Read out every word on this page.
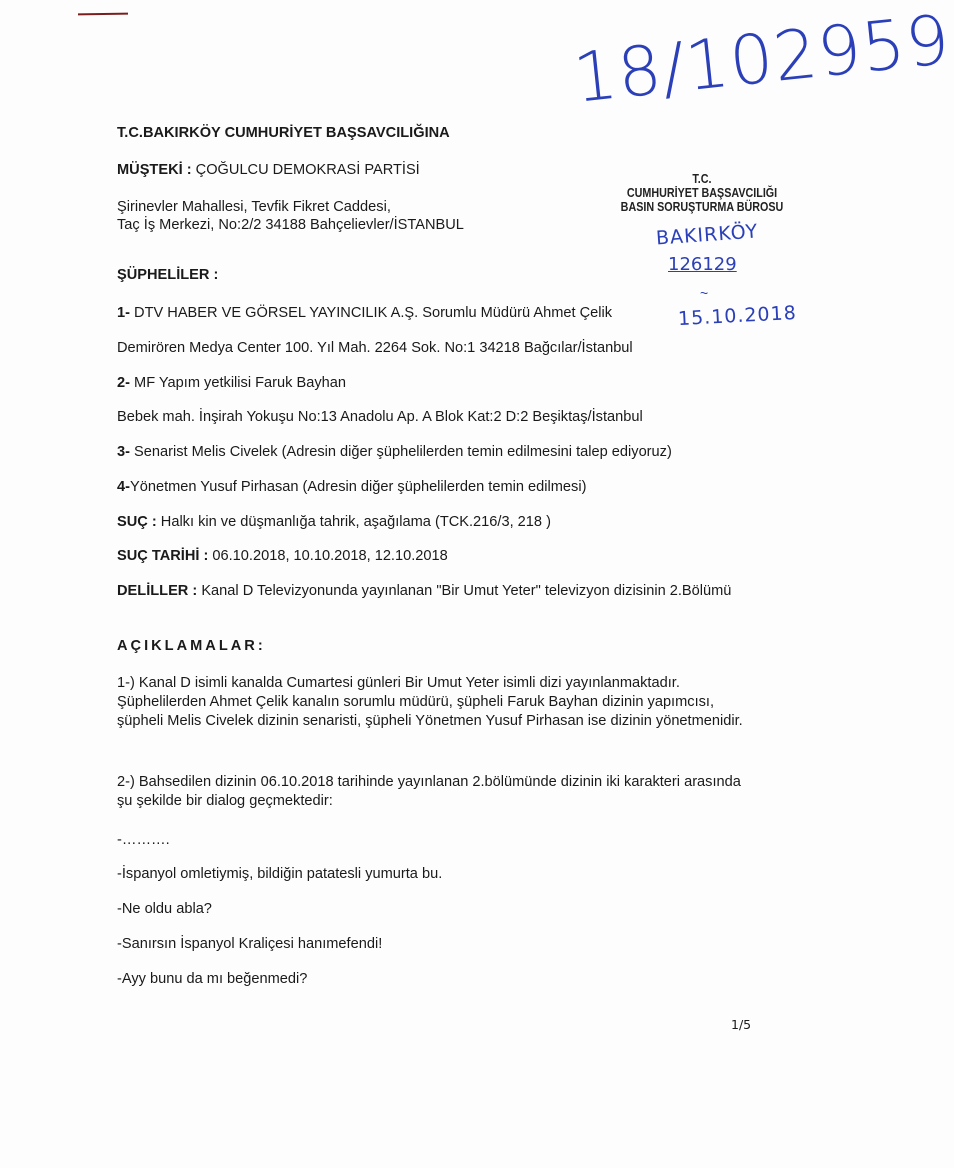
18/102959
BAKIRKÖY
126129
~
15.10.2018
T.C.
CUMHURİYET BAŞSAVCILIĞI
BASIN SORUŞTURMA BÜROSU
T.C.BAKIRKÖY CUMHURİYET BAŞSAVCILIĞINA
MÜŞTEKİ : ÇOĞULCU DEMOKRASİ PARTİSİ
Şirinevler Mahallesi, Tevfik Fikret Caddesi,
Taç İş Merkezi, No:2/2 34188 Bahçelievler/İSTANBUL
ŞÜPHELİLER :
1- DTV HABER VE GÖRSEL YAYINCILIK A.Ş. Sorumlu Müdürü Ahmet Çelik
Demirören Medya Center 100. Yıl Mah. 2264 Sok. No:1 34218 Bağcılar/İstanbul
2- MF Yapım yetkilisi Faruk Bayhan
Bebek mah. İnşirah Yokuşu No:13 Anadolu Ap. A Blok Kat:2 D:2 Beşiktaş/İstanbul
3- Senarist Melis Civelek (Adresin diğer şüphelilerden temin edilmesini talep ediyoruz)
4-Yönetmen Yusuf Pirhasan (Adresin diğer şüphelilerden temin edilmesi)
SUÇ : Halkı kin ve düşmanlığa tahrik, aşağılama (TCK.216/3, 218 )
SUÇ TARİHİ : 06.10.2018, 10.10.2018, 12.10.2018
DELİLLER : Kanal D Televizyonunda yayınlanan "Bir Umut Yeter" televizyon dizisinin 2.Bölümü
AÇIKLAMALAR:
1-) Kanal D isimli kanalda Cumartesi günleri Bir Umut Yeter isimli dizi yayınlanmaktadır. Şüphelilerden Ahmet Çelik kanalın sorumlu müdürü, şüpheli Faruk Bayhan dizinin yapımcısı, şüpheli Melis Civelek dizinin senaristi, şüpheli Yönetmen Yusuf Pirhasan ise dizinin yönetmenidir.
2-) Bahsedilen dizinin 06.10.2018 tarihinde yayınlanan 2.bölümünde dizinin iki karakteri arasında şu şekilde bir dialog geçmektedir:
-……….
-İspanyol omletiymiş, bildiğin patatesli yumurta bu.
-Ne oldu abla?
-Sanırsın İspanyol Kraliçesi hanımefendi!
-Ayy bunu da mı beğenmedi?
1/5
